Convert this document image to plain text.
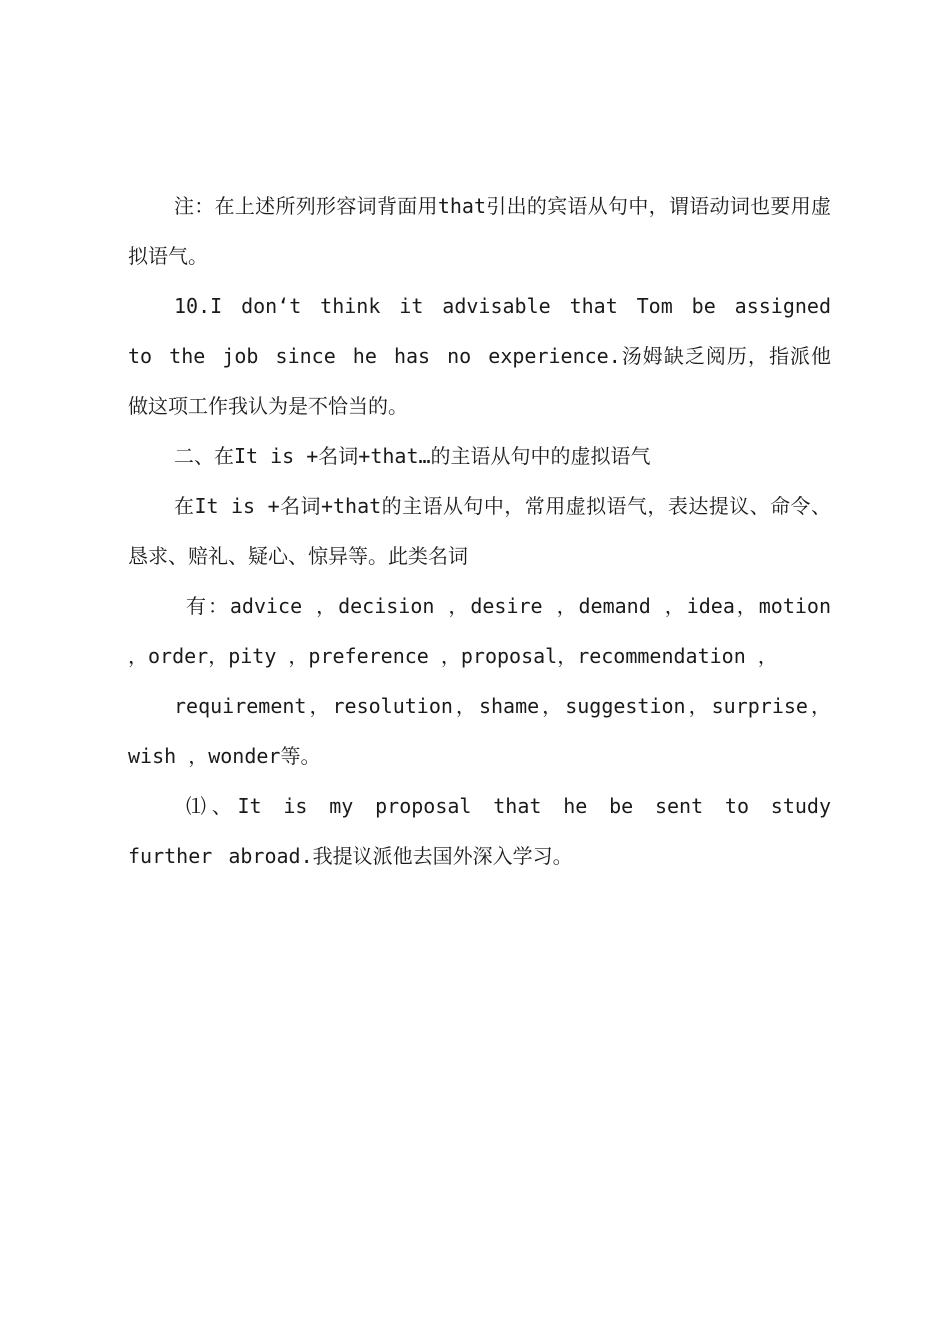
注：在上述所列形容词背面用that引出的宾语从句中，谓语动词也要用虚拟语气。

10.I don‘t think it advisable that Tom be assigned to the job since he has no experience.汤姆缺乏阅历，指派他做这项工作我认为是不恰当的。

二、在It is +名词+that…的主语从句中的虚拟语气

在It is +名词+that的主语从句中，常用虚拟语气，表达提议、命令、恳求、赔礼、疑心、惊异等。此类名词

有：advice ，decision ，desire ，demand ，idea，motion ，order，pity ，preference ，proposal，recommendation ，

requirement，resolution，shame，suggestion，surprise，wish ，wonder等。

⑴、It is my proposal that he be sent to study further abroad.我提议派他去国外深入学习。
